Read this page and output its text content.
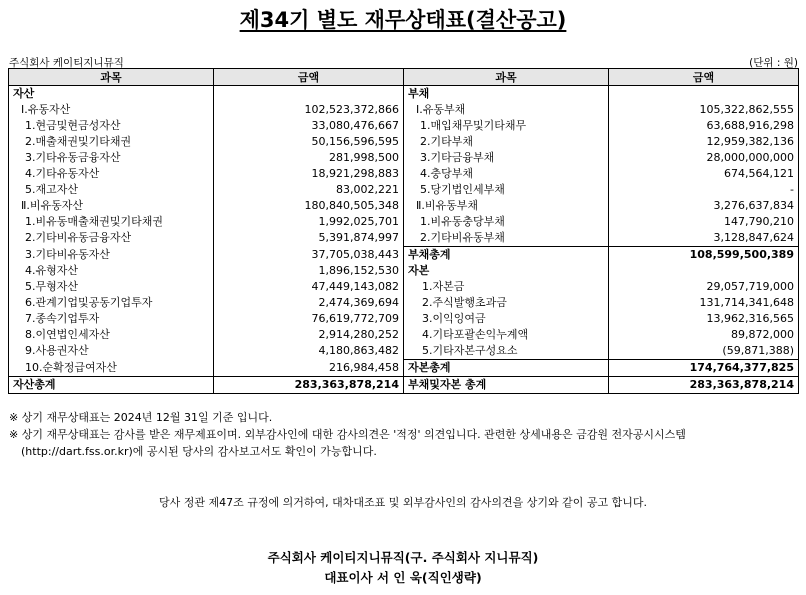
제34기 별도 재무상태표(결산공고)
주식회사 케이티지니뮤직	(단위 : 원)
과목	금액	과목	금액
자산		부채	
Ⅰ.유동자산	102,523,372,866	Ⅰ.유동부채	105,322,862,555
1.현금및현금성자산	33,080,476,667	1.매입채무및기타채무	63,688,916,298
2.매출채권및기타채권	50,156,596,595	2.기타부채	12,959,382,136
3.기타유동금융자산	281,998,500	3.기타금융부채	28,000,000,000
4.기타유동자산	18,921,298,883	4.충당부채	674,564,121
5.재고자산	83,002,221	5.당기법인세부채	-
Ⅱ.비유동자산	180,840,505,348	Ⅱ.비유동부채	3,276,637,834
1.비유동매출채권및기타채권	1,992,025,701	1.비유동충당부채	147,790,210
2.기타비유동금융자산	5,391,874,997	2.기타비유동부채	3,128,847,624
3.기타비유동자산	37,705,038,443	부채총계	108,599,500,389
4.유형자산	1,896,152,530	자본	
5.무형자산	47,449,143,082	1.자본금	29,057,719,000
6.관계기업및공동기업투자	2,474,369,694	2.주식발행초과금	131,714,341,648
7.종속기업투자	76,619,772,709	3.이익잉여금	13,962,316,565
8.이연법인세자산	2,914,280,252	4.기타포괄손익누계액	89,872,000
9.사용권자산	4,180,863,482	5.기타자본구성요소	(59,871,388)
10.순확정급여자산	216,984,458	자본총계	174,764,377,825
자산총계	283,363,878,214	부채및자본 총계	283,363,878,214
※ 상기 재무상태표는 2024년 12월 31일 기준 입니다.
※ 상기 재무상태표는 감사를 받은 재무제표이며. 외부감사인에 대한 감사의견은 '적정' 의견입니다. 관련한 상세내용은 금감원 전자공시시스템
(http://dart.fss.or.kr)에 공시된 당사의 감사보고서도 확인이 가능합니다.
당사 정관 제47조 규정에 의거하여, 대차대조표 및 외부감사인의 감사의견을 상기와 같이 공고 합니다.
주식회사 케이티지니뮤직(구. 주식회사 지니뮤직)
대표이사 서 인 욱(직인생략)
